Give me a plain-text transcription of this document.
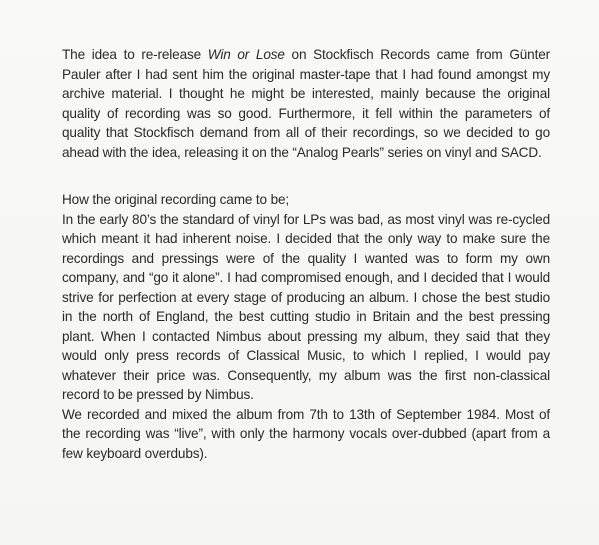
The idea to re-release Win or Lose on Stockfisch Records came from Günter Pauler after I had sent him the original master-tape that I had found amongst my archive material. I thought he might be interested, mainly because the original quality of recording was so good. Furthermore, it fell within the parameters of quality that Stockfisch demand from all of their recordings, so we decided to go ahead with the idea, releasing it on the “Analog Pearls” series on vinyl and SACD.

How the original recording came to be;

In the early 80’s the standard of vinyl for LPs was bad, as most vinyl was re-cycled which meant it had inherent noise. I decided that the only way to make sure the recordings and pressings were of the quality I wanted was to form my own company, and “go it alone”. I had compromised enough, and I decided that I would strive for perfection at every stage of producing an album. I chose the best studio in the north of England, the best cutting studio in Britain and the best pressing plant. When I contacted Nimbus about pressing my album, they said that they would only press records of Classical Music, to which I replied, I would pay whatever their price was. Consequently, my album was the first non-classical record to be pressed by Nimbus.

We recorded and mixed the album from 7th to 13th of September 1984. Most of the recording was “live”, with only the harmony vocals over-dubbed (apart from a few keyboard overdubs).
